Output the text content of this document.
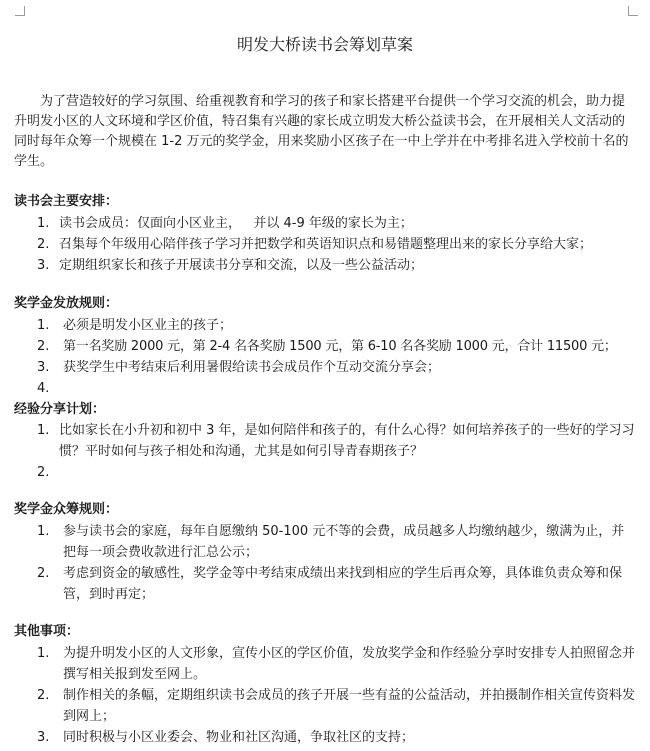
明发大桥读书会筹划草案
为了营造较好的学习氛围、给重视教育和学习的孩子和家长搭建平台提供一个学习交流的机会，助力提升明发小区的人文环境和学区价值，特召集有兴趣的家长成立明发大桥公益读书会，在开展相关人文活动的同时每年众筹一个规模在 1-2 万元的奖学金，用来奖励小区孩子在一中上学并在中考排名进入学校前十名的学生。
读书会主要安排：
1. 读书会成员：仅面向小区业主，   并以 4-9 年级的家长为主；
2. 召集每个年级用心陪伴孩子学习并把数学和英语知识点和易错题整理出来的家长分享给大家；
3. 定期组织家长和孩子开展读书分享和交流，以及一些公益活动；
奖学金发放规则：
1.	必须是明发小区业主的孩子；
2.	第一名奖励 2000 元，第 2-4 名各奖励 1500 元，第 6-10 名各奖励 1000 元，合计 11500 元；
3.	获奖学生中考结束后利用暑假给读书会成员作个互动交流分享会；
4.
经验分享计划：
1. 比如家长在小升初和初中 3 年，是如何陪伴和孩子的，有什么心得？如何培养孩子的一些好的学习习惯？平时如何与孩子相处和沟通，尤其是如何引导青春期孩子？
2.
奖学金众筹规则：
1.	参与读书会的家庭，每年自愿缴纳 50-100 元不等的会费，成员越多人均缴纳越少，缴满为止，并把每一项会费收款进行汇总公示；
2.	考虑到资金的敏感性，奖学金等中考结束成绩出来找到相应的学生后再众筹，具体谁负责众筹和保管，到时再定；
其他事项：
1.	为提升明发小区的人文形象，宣传小区的学区价值，发放奖学金和作经验分享时安排专人拍照留念并撰写相关报到发至网上。
2.	制作相关的条幅，定期组织读书会成员的孩子开展一些有益的公益活动，并拍摄制作相关宣传资料发到网上；
3.	同时积极与小区业委会、物业和社区沟通，争取社区的支持；
